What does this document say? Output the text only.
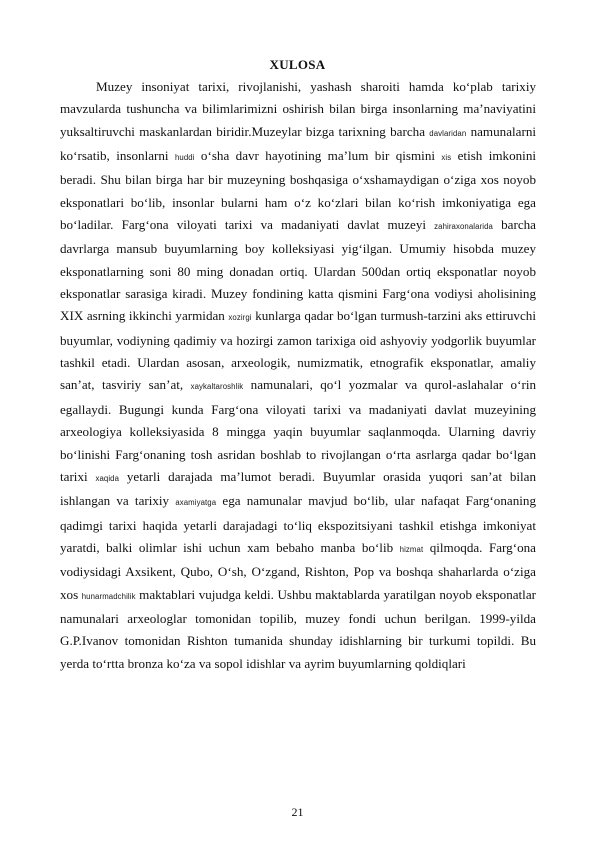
XULOSA

Muzey insoniyat tarixi, rivojlanishi, yashash sharoiti hamda ko‘plab tarixiy mavzularda tushuncha va bilimlarimizni oshirish bilan birga insonlarning ma’naviyatini yuksaltiruvchi maskanlardan biridir.Muzeylar bizga tarixning barcha davlaridan namunalarni ko‘rsatib, insonlarni huddi o‘sha davr hayotining ma’lum bir qismini xis etish imkonini beradi. Shu bilan birga har bir muzeyning boshqasiga o‘xshamaydigan o‘ziga xos noyob eksponatlari bo‘lib, insonlar bularni ham o‘z ko‘zlari bilan ko‘rish imkoniyatiga ega bo‘ladilar. Farg‘ona viloyati tarixi va madaniyati davlat muzeyi zahiraxonalarida barcha davrlarga mansub buyumlarning boy kolleksiyasi yig‘ilgan. Umumiy hisobda muzey eksponatlarning soni 80 ming donadan ortiq. Ulardan 500dan ortiq eksponatlar noyob eksponatlar sarasiga kiradi. Muzey fondining katta qismini Farg‘ona vodiysi aholisining XIX asrning ikkinchi yarmidan xozirgi kunlarga qadar bo‘lgan turmush-tarzini aks ettiruvchi buyumlar, vodiyning qadimiy va hozirgi zamon tarixiga oid ashyoviy yodgorlik buyumlar tashkil etadi. Ulardan asosan, arxeologik, numizmatik, etnografik eksponatlar, amaliy san’at, tasviriy san’at, xaykaltaroshlik namunalari, qo‘l yozmalar va qurol-aslahalar o‘rin egallaydi. Bugungi kunda Farg‘ona viloyati tarixi va madaniyati davlat muzeyining arxeologiya kolleksiyasida 8 mingga yaqin buyumlar saqlanmoqda. Ularning davriy bo‘linishi Farg‘onaning tosh asridan boshlab to rivojlangan o‘rta asrlarga qadar bo‘lgan tarixi xaqida yetarli darajada ma’lumot beradi. Buyumlar orasida yuqori san’at bilan ishlangan va tarixiy axamiyatga ega namunalar mavjud bo‘lib, ular nafaqat Farg‘onaning qadimgi tarixi haqida yetarli darajadagi to‘liq ekspozitsiyani tashkil etishga imkoniyat yaratdi, balki olimlar ishi uchun xam bebaho manba bo‘lib hizmat qilmoqda. Farg‘ona vodiysidagi Axsikent, Qubo, O‘sh, O‘zgand, Rishton, Pop va boshqa shaharlarda o‘ziga xos hunarmadchilik maktablari vujudga keldi. Ushbu maktablarda yaratilgan noyob eksponatlar namunalari arxeologlar tomonidan topilib, muzey fondi uchun berilgan. 1999-yilda G.P.Ivanov tomonidan Rishton tumanida shunday idishlarning bir turkumi topildi. Bu yerda to‘rtta bronza ko‘za va sopol idishlar va ayrim buyumlarning qoldiqlari

21
